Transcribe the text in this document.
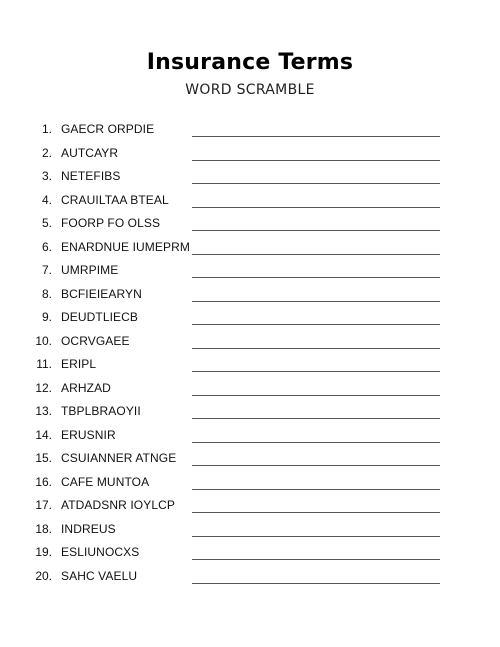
Insurance Terms
WORD SCRAMBLE
1. GAECR ORPDIE
2. AUTCAYR
3. NETEFIBS
4. CRAUILTAA BTEAL
5. FOORP FO OLSS
6. ENARDNUE IUMEPRM
7. UMRPIME
8. BCFIEIEARYN
9. DEUDTLIECB
10. OCRVGAEE
11. ERIPL
12. ARHZAD
13. TBPLBRAOYII
14. ERUSNIR
15. CSUIANNER ATNGE
16. CAFE MUNTOA
17. ATDADSNR IOYLCP
18. INDREUS
19. ESLIUNOCXS
20. SAHC VAELU
